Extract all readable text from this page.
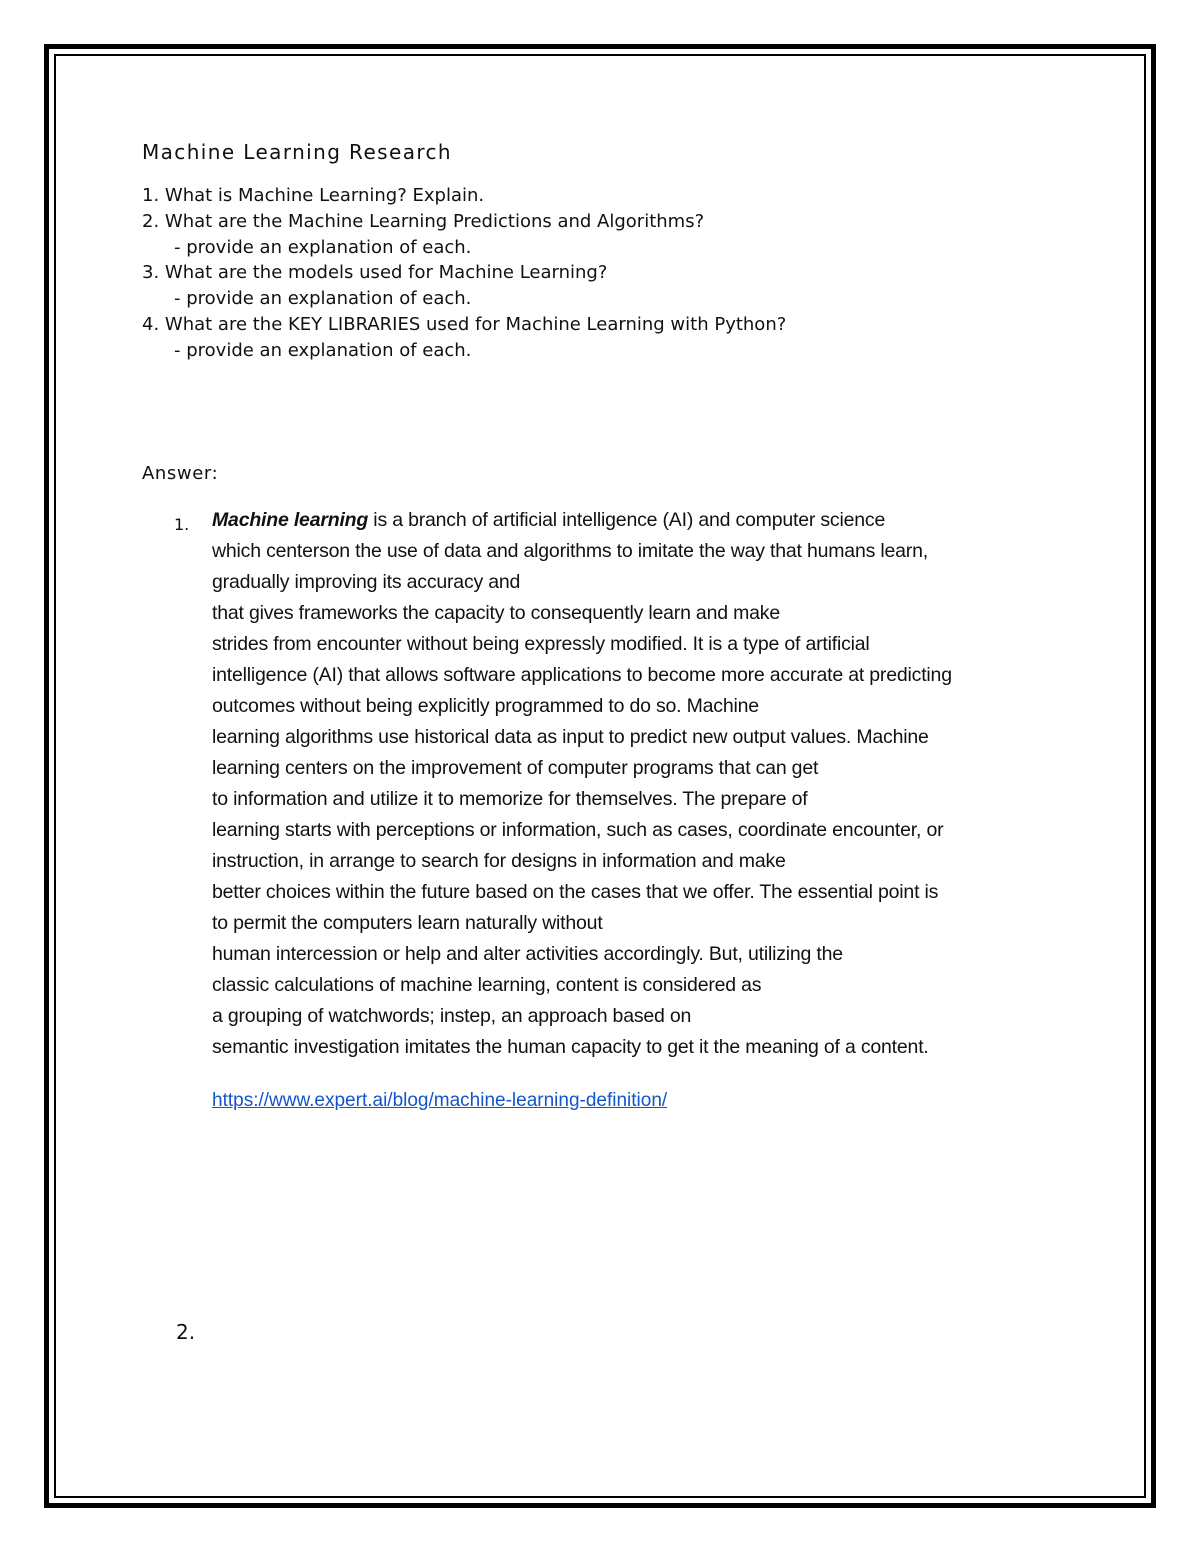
Machine Learning Research
1. What is Machine Learning? Explain.
2. What are the Machine Learning Predictions and Algorithms?
- provide an explanation of each.
3. What are the models used for Machine Learning?
- provide an explanation of each.
4. What are the KEY LIBRARIES used for Machine Learning with Python?
- provide an explanation of each.
Answer:
1. Machine learning is a branch of artificial intelligence (AI) and computer science
which centerson the use of data and algorithms to imitate the way that humans learn,
gradually improving its accuracy and
that gives frameworks the capacity to consequently learn and make
strides from encounter without being expressly modified. It is a type of artificial
intelligence (AI) that allows software applications to become more accurate at predicting
outcomes without being explicitly programmed to do so. Machine
learning algorithms use historical data as input to predict new output values. Machine
learning centers on the improvement of computer programs that can get
to information and utilize it to memorize for themselves. The prepare of
learning starts with perceptions or information, such as cases, coordinate encounter, or
instruction, in arrange to search for designs in information and make
better choices within the future based on the cases that we offer. The essential point is
to permit the computers learn naturally without
human intercession or help and alter activities accordingly. But, utilizing the
classic calculations of machine learning, content is considered as
a grouping of watchwords; instep, an approach based on
semantic investigation imitates the human capacity to get it the meaning of a content.
https://www.expert.ai/blog/machine-learning-definition/
2.
